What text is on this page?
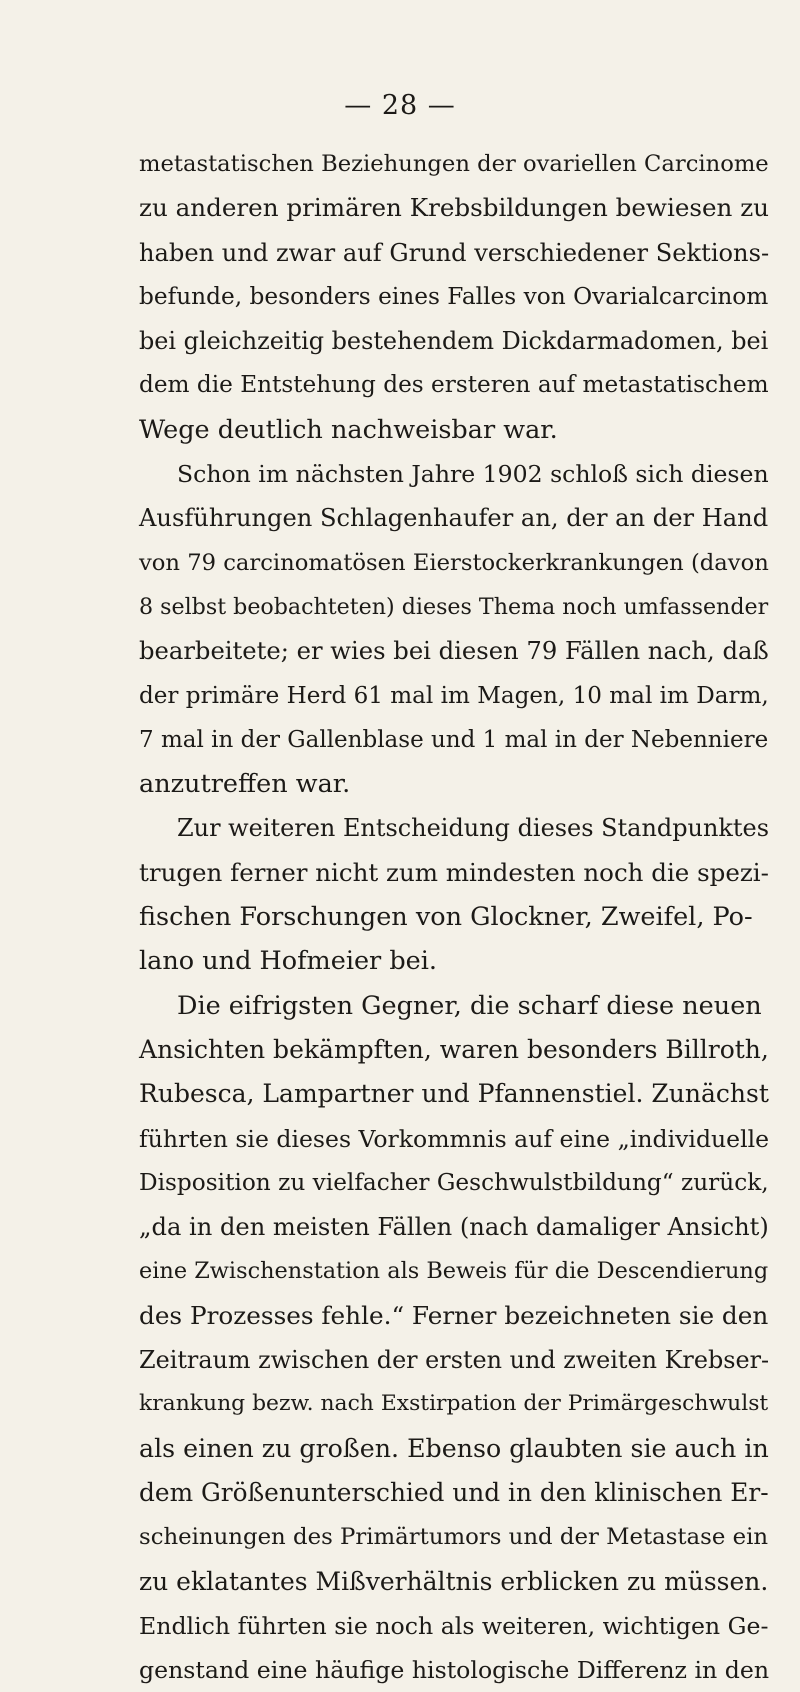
— 28 —
metastatischen Beziehungen der ovariellen Carcinome
zu anderen primären Krebsbildungen bewiesen zu
haben und zwar auf Grund verschiedener Sektions-
befunde, besonders eines Falles von Ovarialcarcinom
bei gleichzeitig bestehendem Dickdarmadomen, bei
dem die Entstehung des ersteren auf metastatischem
Wege deutlich nachweisbar war.
Schon im nächsten Jahre 1902 schloß sich diesen
Ausführungen Schlagenhaufer an, der an der Hand
von 79 carcinomatösen Eierstockerkrankungen (davon
8 selbst beobachteten) dieses Thema noch umfassender
bearbeitete; er wies bei diesen 79 Fällen nach, daß
der primäre Herd 61 mal im Magen, 10 mal im Darm,
7 mal in der Gallenblase und 1 mal in der Nebenniere
anzutreffen war.
Zur weiteren Entscheidung dieses Standpunktes
trugen ferner nicht zum mindesten noch die spezi-
fischen Forschungen von Glockner, Zweifel, Po-
lano und Hofmeier bei.
Die eifrigsten Gegner, die scharf diese neuen
Ansichten bekämpften, waren besonders Billroth,
Rubesca, Lampartner und Pfannenstiel. Zunächst
führten sie dieses Vorkommnis auf eine „individuelle
Disposition zu vielfacher Geschwulstbildung“ zurück,
„da in den meisten Fällen (nach damaliger Ansicht)
eine Zwischenstation als Beweis für die Descendierung
des Prozesses fehle.“ Ferner bezeichneten sie den
Zeitraum zwischen der ersten und zweiten Krebser-
krankung bezw. nach Exstirpation der Primärgeschwulst
als einen zu großen. Ebenso glaubten sie auch in
dem Größenunterschied und in den klinischen Er-
scheinungen des Primärtumors und der Metastase ein
zu eklatantes Mißverhältnis erblicken zu müssen.
Endlich führten sie noch als weiteren, wichtigen Ge-
genstand eine häufige histologische Differenz in den
